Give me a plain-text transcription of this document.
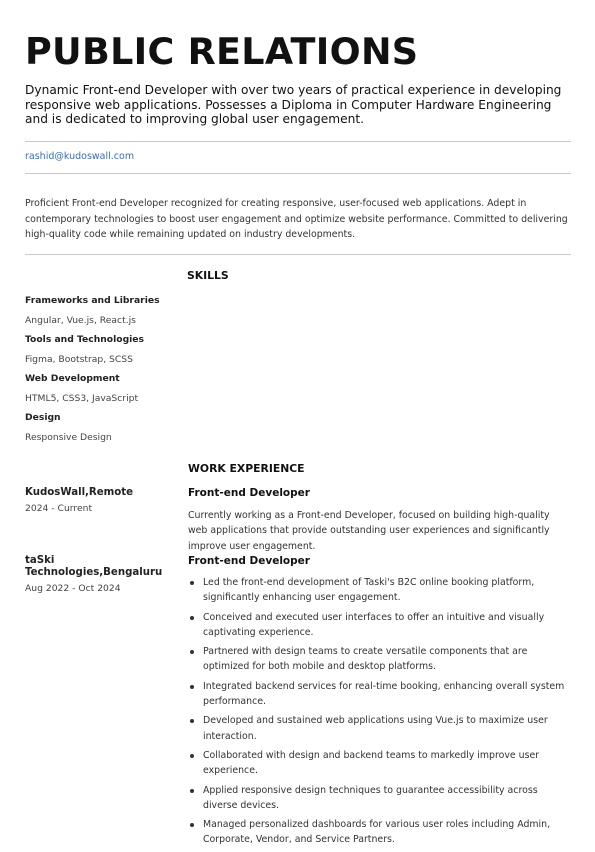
PUBLIC RELATIONS

Dynamic Front-end Developer with over two years of practical experience in developing responsive web applications. Possesses a Diploma in Computer Hardware Engineering and is dedicated to improving global user engagement.

rashid@kudoswall.com

Proficient Front-end Developer recognized for creating responsive, user-focused web applications. Adept in contemporary technologies to boost user engagement and optimize website performance. Committed to delivering high-quality code while remaining updated on industry developments.

SKILLS

Frameworks and Libraries

Angular, Vue.js, React.js

Tools and Technologies

Figma, Bootstrap, SCSS

Web Development

HTML5, CSS3, JavaScript

Design

Responsive Design

WORK EXPERIENCE

KudosWall,Remote

2024 - Current

Front-end Developer

Currently working as a Front-end Developer, focused on building high-quality web applications that provide outstanding user experiences and significantly improve user engagement.

taSki Technologies,Bengaluru

Aug 2022 - Oct 2024

Front-end Developer

Led the front-end development of Taski's B2C online booking platform, significantly enhancing user engagement.
Conceived and executed user interfaces to offer an intuitive and visually captivating experience.
Partnered with design teams to create versatile components that are optimized for both mobile and desktop platforms.
Integrated backend services for real-time booking, enhancing overall system performance.
Developed and sustained web applications using Vue.js to maximize user interaction.
Collaborated with design and backend teams to markedly improve user experience.
Applied responsive design techniques to guarantee accessibility across diverse devices.
Managed personalized dashboards for various user roles including Admin, Corporate, Vendor, and Service Partners.
